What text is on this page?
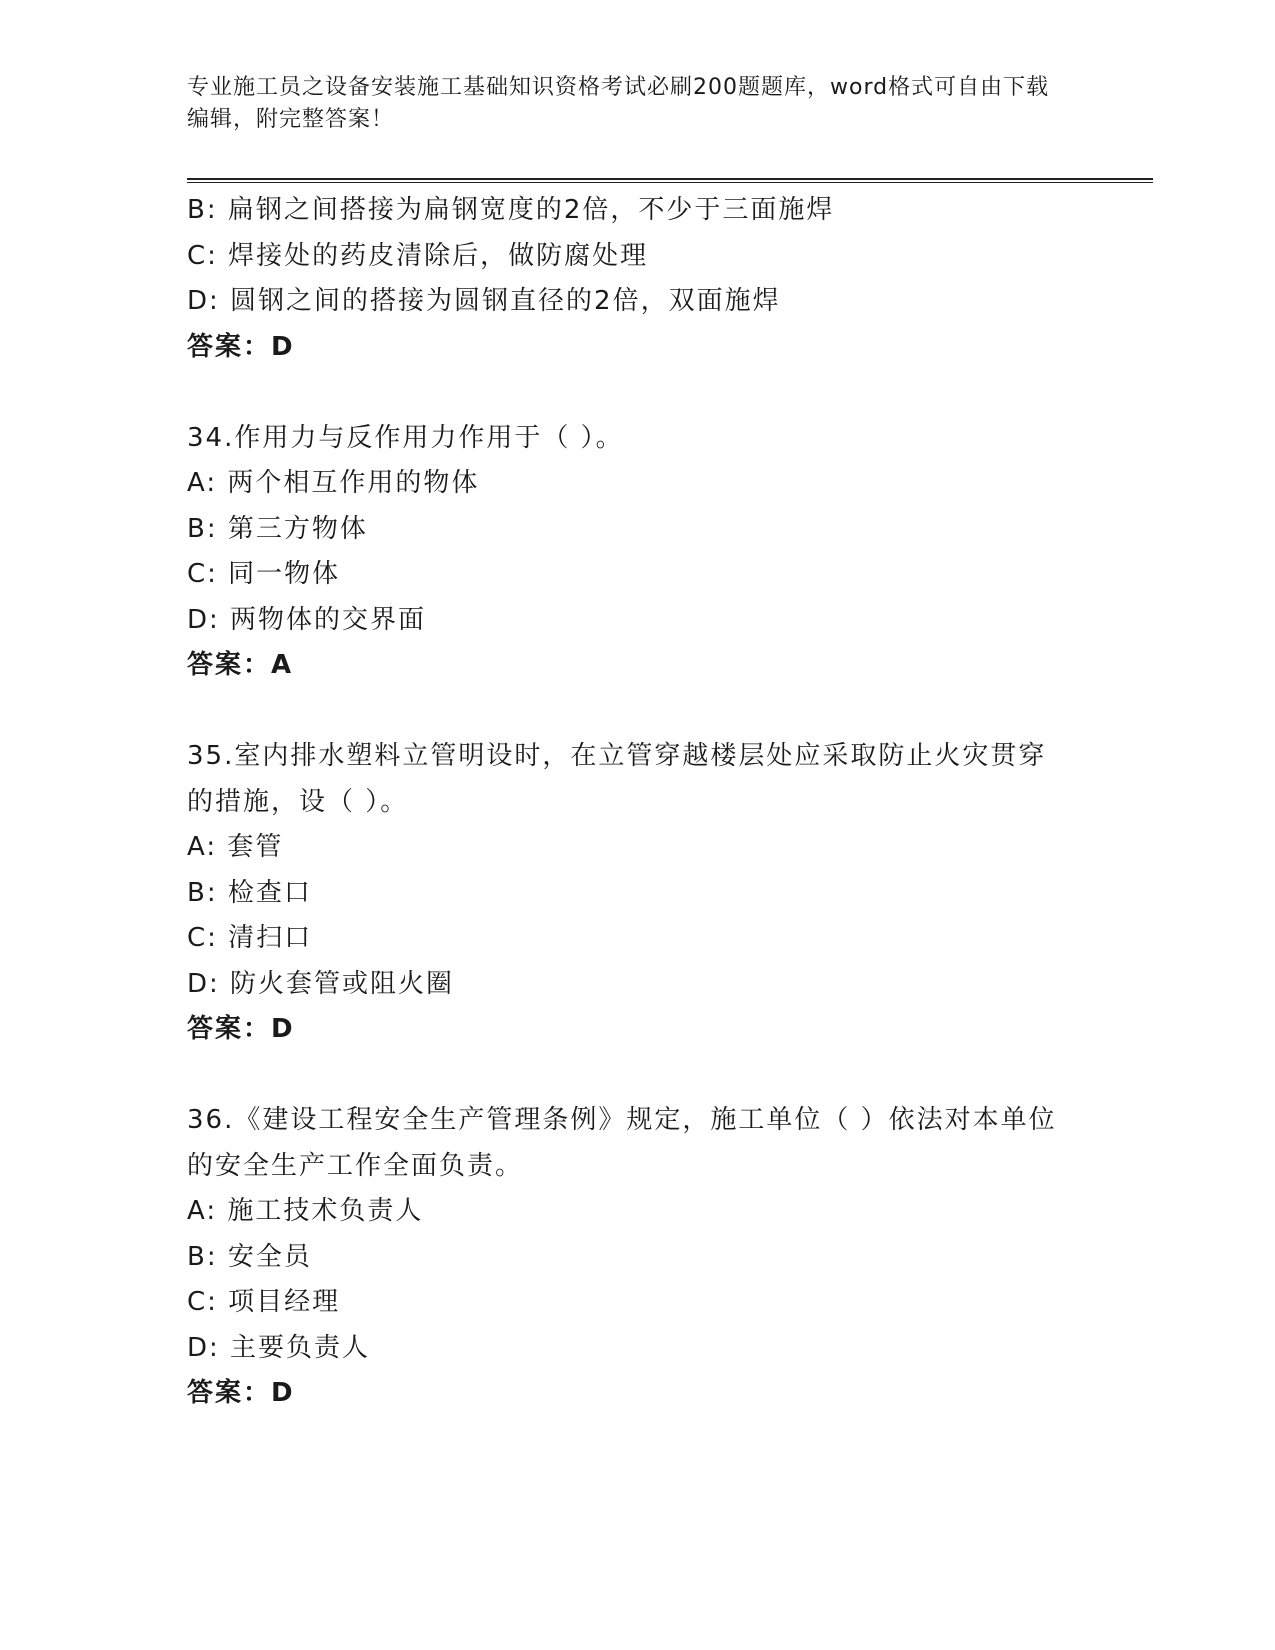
专业施工员之设备安装施工基础知识资格考试必刷200题题库，word格式可自由下载编辑，附完整答案！
B: 扁钢之间搭接为扁钢宽度的2倍，不少于三面施焊
C: 焊接处的药皮清除后，做防腐处理
D: 圆钢之间的搭接为圆钢直径的2倍，双面施焊
答案：D
34.作用力与反作用力作用于（ ）。
A: 两个相互作用的物体
B: 第三方物体
C: 同一物体
D: 两物体的交界面
答案：A
35.室内排水塑料立管明设时，在立管穿越楼层处应采取防止火灾贯穿的措施，设（ ）。
A: 套管
B: 检查口
C: 清扫口
D: 防火套管或阻火圈
答案：D
36.《建设工程安全生产管理条例》规定，施工单位（ ）依法对本单位的安全生产工作全面负责。
A: 施工技术负责人
B: 安全员
C: 项目经理
D: 主要负责人
答案：D
